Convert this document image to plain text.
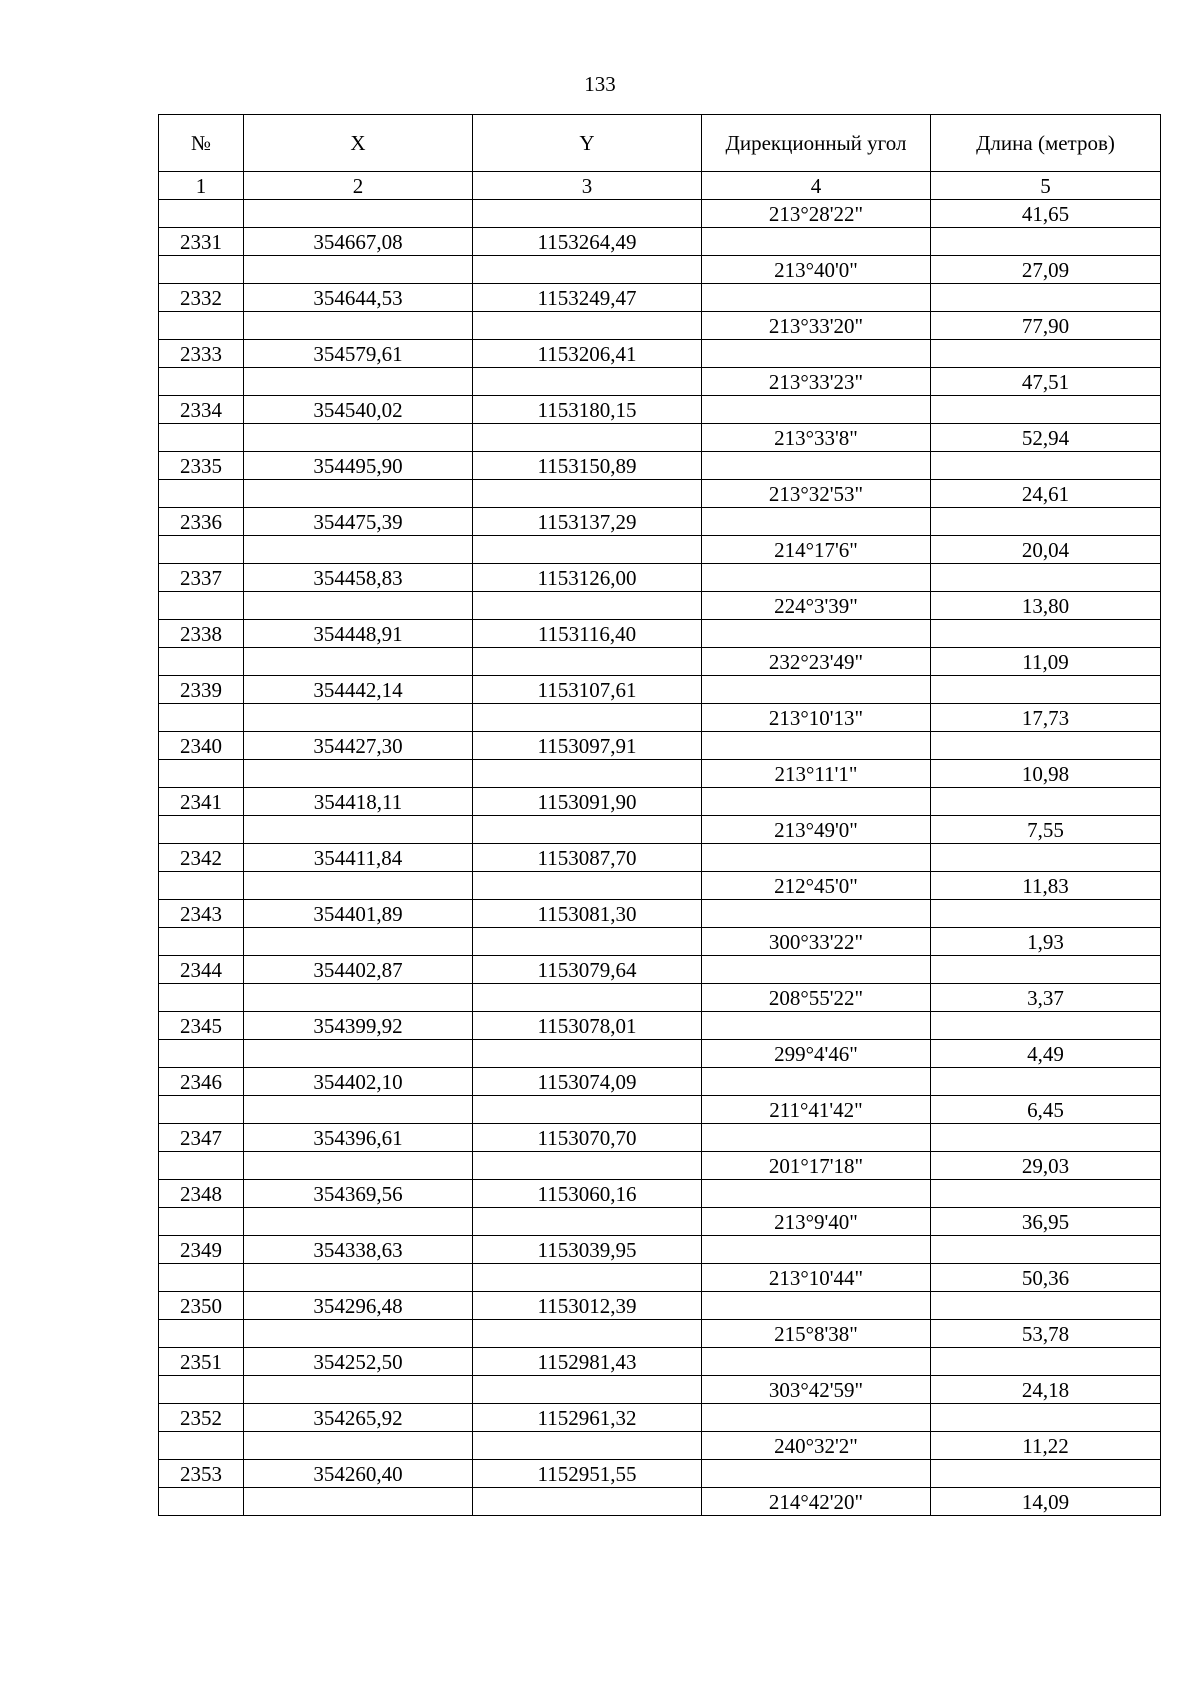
133
№	X	Y	Дирекционный угол	Длина (метров)
1	2	3	4	5
			213°28'22"	41,65
2331	354667,08	1153264,49		
			213°40'0"	27,09
2332	354644,53	1153249,47		
			213°33'20"	77,90
2333	354579,61	1153206,41		
			213°33'23"	47,51
2334	354540,02	1153180,15		
			213°33'8"	52,94
2335	354495,90	1153150,89		
			213°32'53"	24,61
2336	354475,39	1153137,29		
			214°17'6"	20,04
2337	354458,83	1153126,00		
			224°3'39"	13,80
2338	354448,91	1153116,40		
			232°23'49"	11,09
2339	354442,14	1153107,61		
			213°10'13"	17,73
2340	354427,30	1153097,91		
			213°11'1"	10,98
2341	354418,11	1153091,90		
			213°49'0"	7,55
2342	354411,84	1153087,70		
			212°45'0"	11,83
2343	354401,89	1153081,30		
			300°33'22"	1,93
2344	354402,87	1153079,64		
			208°55'22"	3,37
2345	354399,92	1153078,01		
			299°4'46"	4,49
2346	354402,10	1153074,09		
			211°41'42"	6,45
2347	354396,61	1153070,70		
			201°17'18"	29,03
2348	354369,56	1153060,16		
			213°9'40"	36,95
2349	354338,63	1153039,95		
			213°10'44"	50,36
2350	354296,48	1153012,39		
			215°8'38"	53,78
2351	354252,50	1152981,43		
			303°42'59"	24,18
2352	354265,92	1152961,32		
			240°32'2"	11,22
2353	354260,40	1152951,55		
			214°42'20"	14,09
